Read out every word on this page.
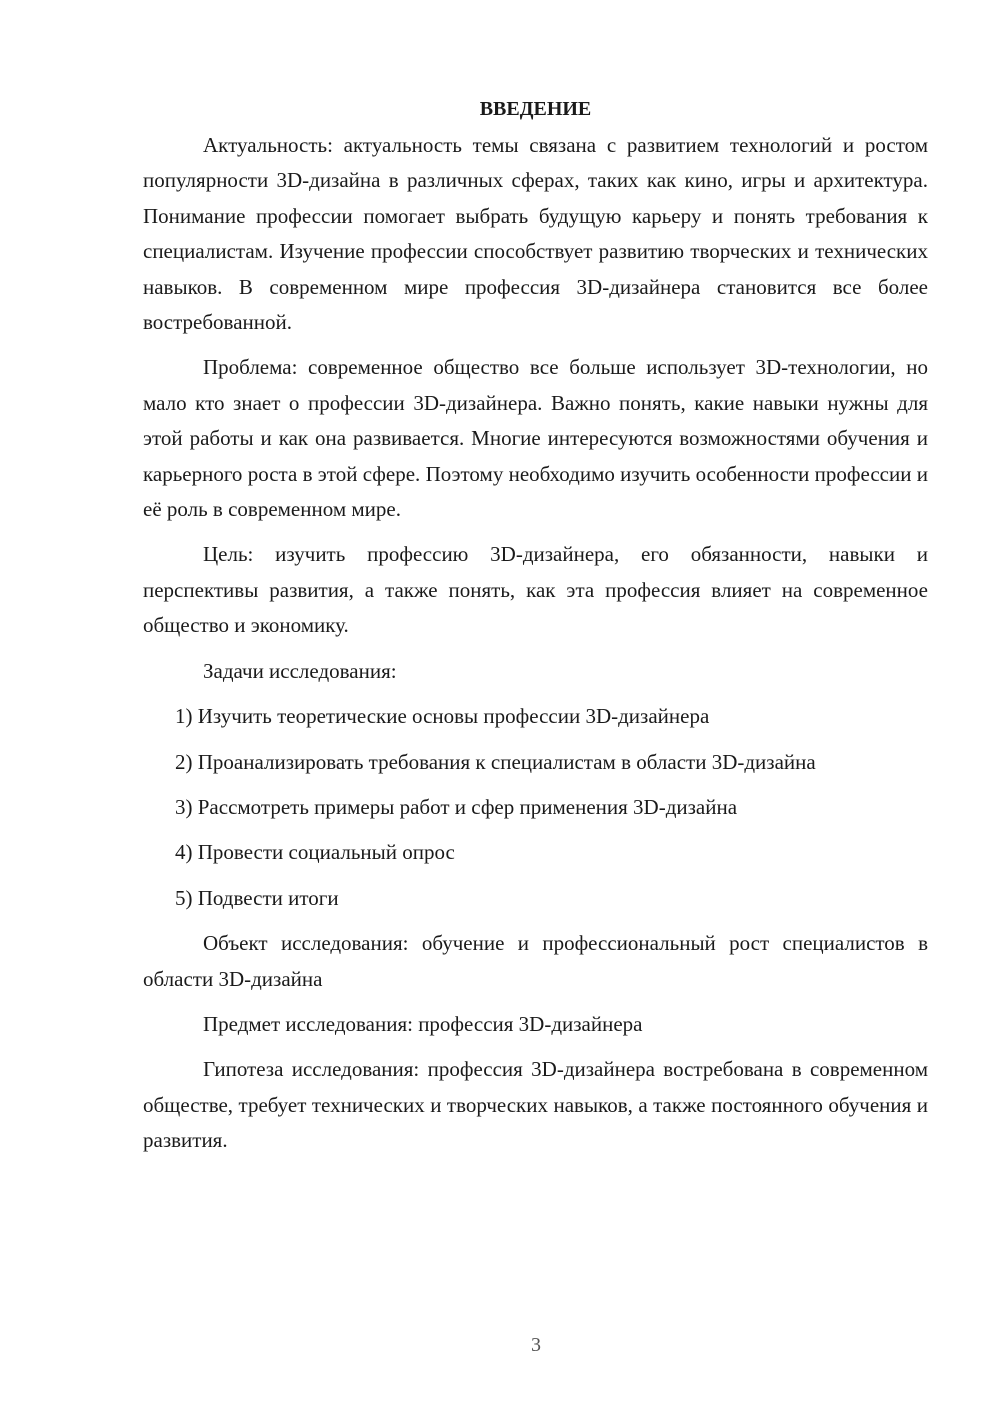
ВВЕДЕНИЕ

Актуальность: актуальность темы связана с развитием технологий и ростом популярности 3D-дизайна в различных сферах, таких как кино, игры и архитектура. Понимание профессии помогает выбрать будущую карьеру и понять требования к специалистам. Изучение профессии способствует развитию творческих и технических навыков. В современном мире профессия 3D-дизайнера становится все более востребованной.

Проблема: современное общество все больше использует 3D-технологии, но мало кто знает о профессии 3D-дизайнера. Важно понять, какие навыки нужны для этой работы и как она развивается. Многие интересуются возможностями обучения и карьерного роста в этой сфере. Поэтому необходимо изучить особенности профессии и её роль в современном мире.

Цель: изучить профессию 3D-дизайнера, его обязанности, навыки и перспективы развития, а также понять, как эта профессия влияет на современное общество и экономику.

Задачи исследования:

1) Изучить теоретические основы профессии 3D-дизайнера

2) Проанализировать требования к специалистам в области 3D-дизайна

3) Рассмотреть примеры работ и сфер применения 3D-дизайна

4) Провести социальный опрос

5) Подвести итоги

Объект исследования: обучение и профессиональный рост специалистов в области 3D-дизайна

Предмет исследования: профессия 3D-дизайнера

Гипотеза исследования: профессия 3D-дизайнера востребована в современном обществе, требует технических и творческих навыков, а также постоянного обучения и развития.

3
